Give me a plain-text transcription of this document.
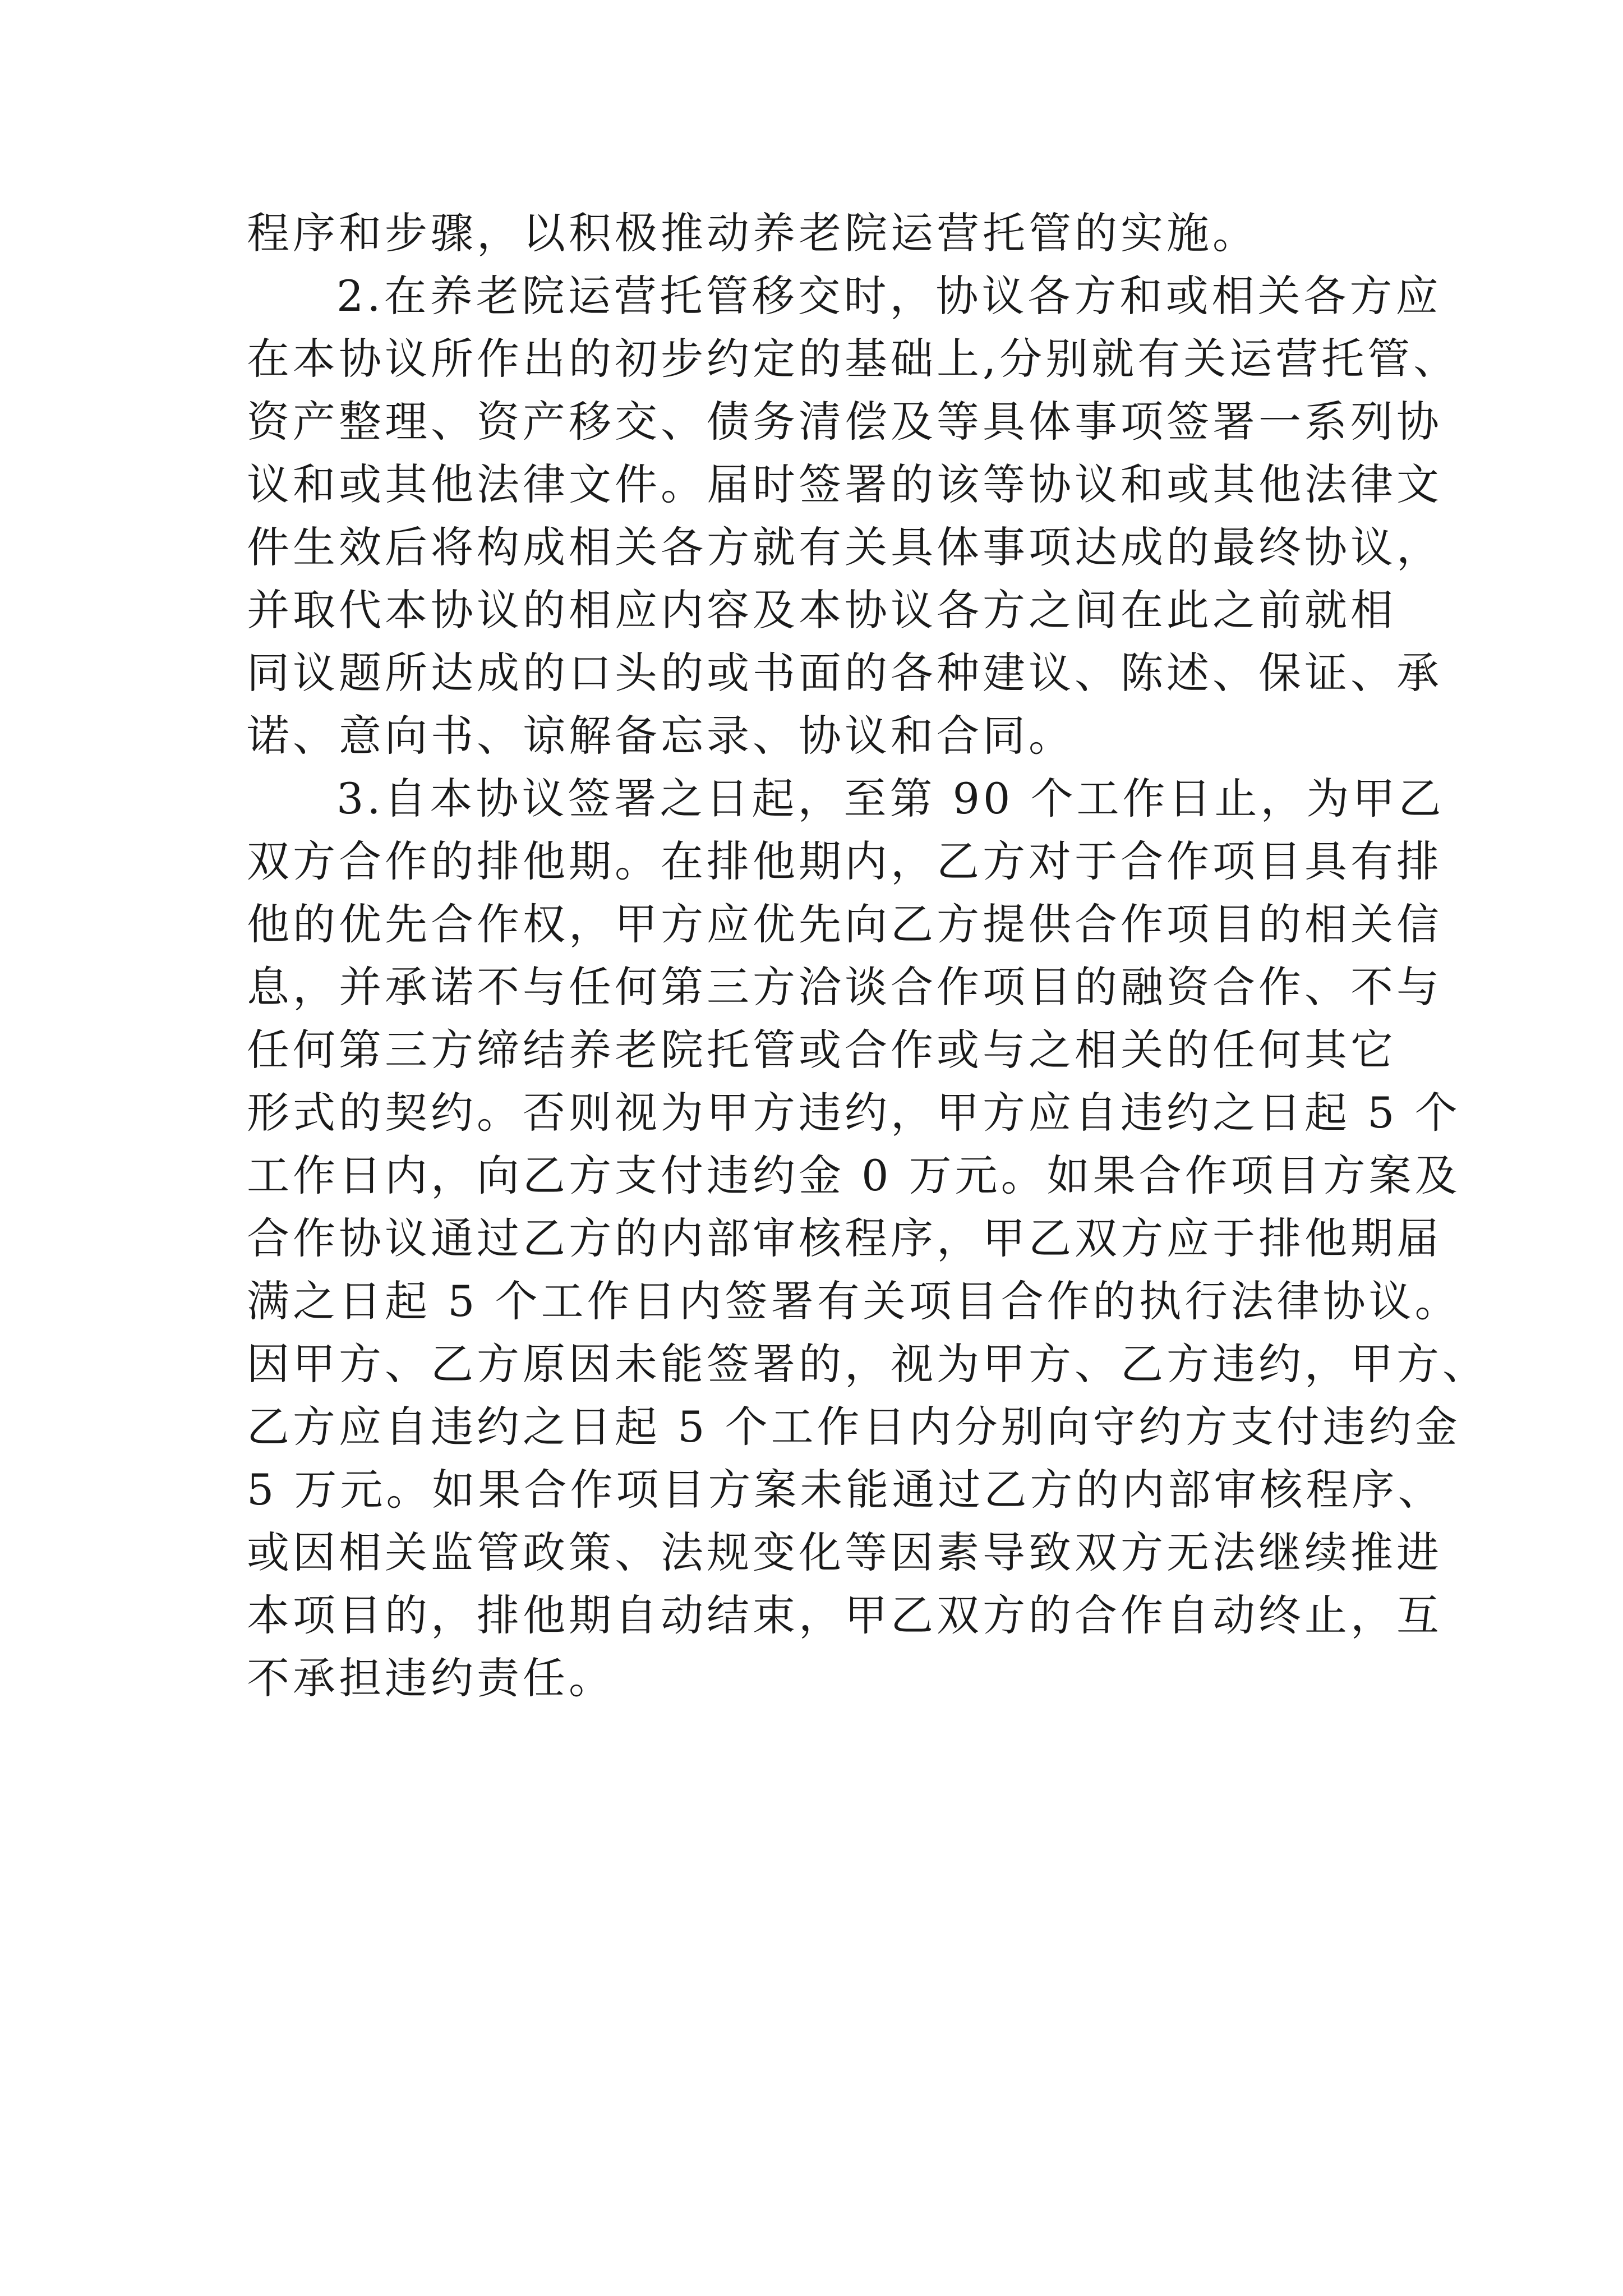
程序和步骤，以积极推动养老院运营托管的实施。
2.在养老院运营托管移交时，协议各方和或相关各方应
在本协议所作出的初步约定的基础上,分别就有关运营托管、
资产整理、资产移交、债务清偿及等具体事项签署一系列协
议和或其他法律文件。届时签署的该等协议和或其他法律文
件生效后将构成相关各方就有关具体事项达成的最终协议，
并取代本协议的相应内容及本协议各方之间在此之前就相
同议题所达成的口头的或书面的各种建议、陈述、保证、承
诺、意向书、谅解备忘录、协议和合同。
3.自本协议签署之日起，至第 90 个工作日止，为甲乙
双方合作的排他期。在排他期内，乙方对于合作项目具有排
他的优先合作权，甲方应优先向乙方提供合作项目的相关信
息，并承诺不与任何第三方洽谈合作项目的融资合作、不与
任何第三方缔结养老院托管或合作或与之相关的任何其它
形式的契约。否则视为甲方违约，甲方应自违约之日起 5 个
工作日内，向乙方支付违约金 0 万元。如果合作项目方案及
合作协议通过乙方的内部审核程序，甲乙双方应于排他期届
满之日起 5 个工作日内签署有关项目合作的执行法律协议。
因甲方、乙方原因未能签署的，视为甲方、乙方违约，甲方、
乙方应自违约之日起 5 个工作日内分别向守约方支付违约金
5 万元。如果合作项目方案未能通过乙方的内部审核程序、
或因相关监管政策、法规变化等因素导致双方无法继续推进
本项目的，排他期自动结束，甲乙双方的合作自动终止，互
不承担违约责任。
